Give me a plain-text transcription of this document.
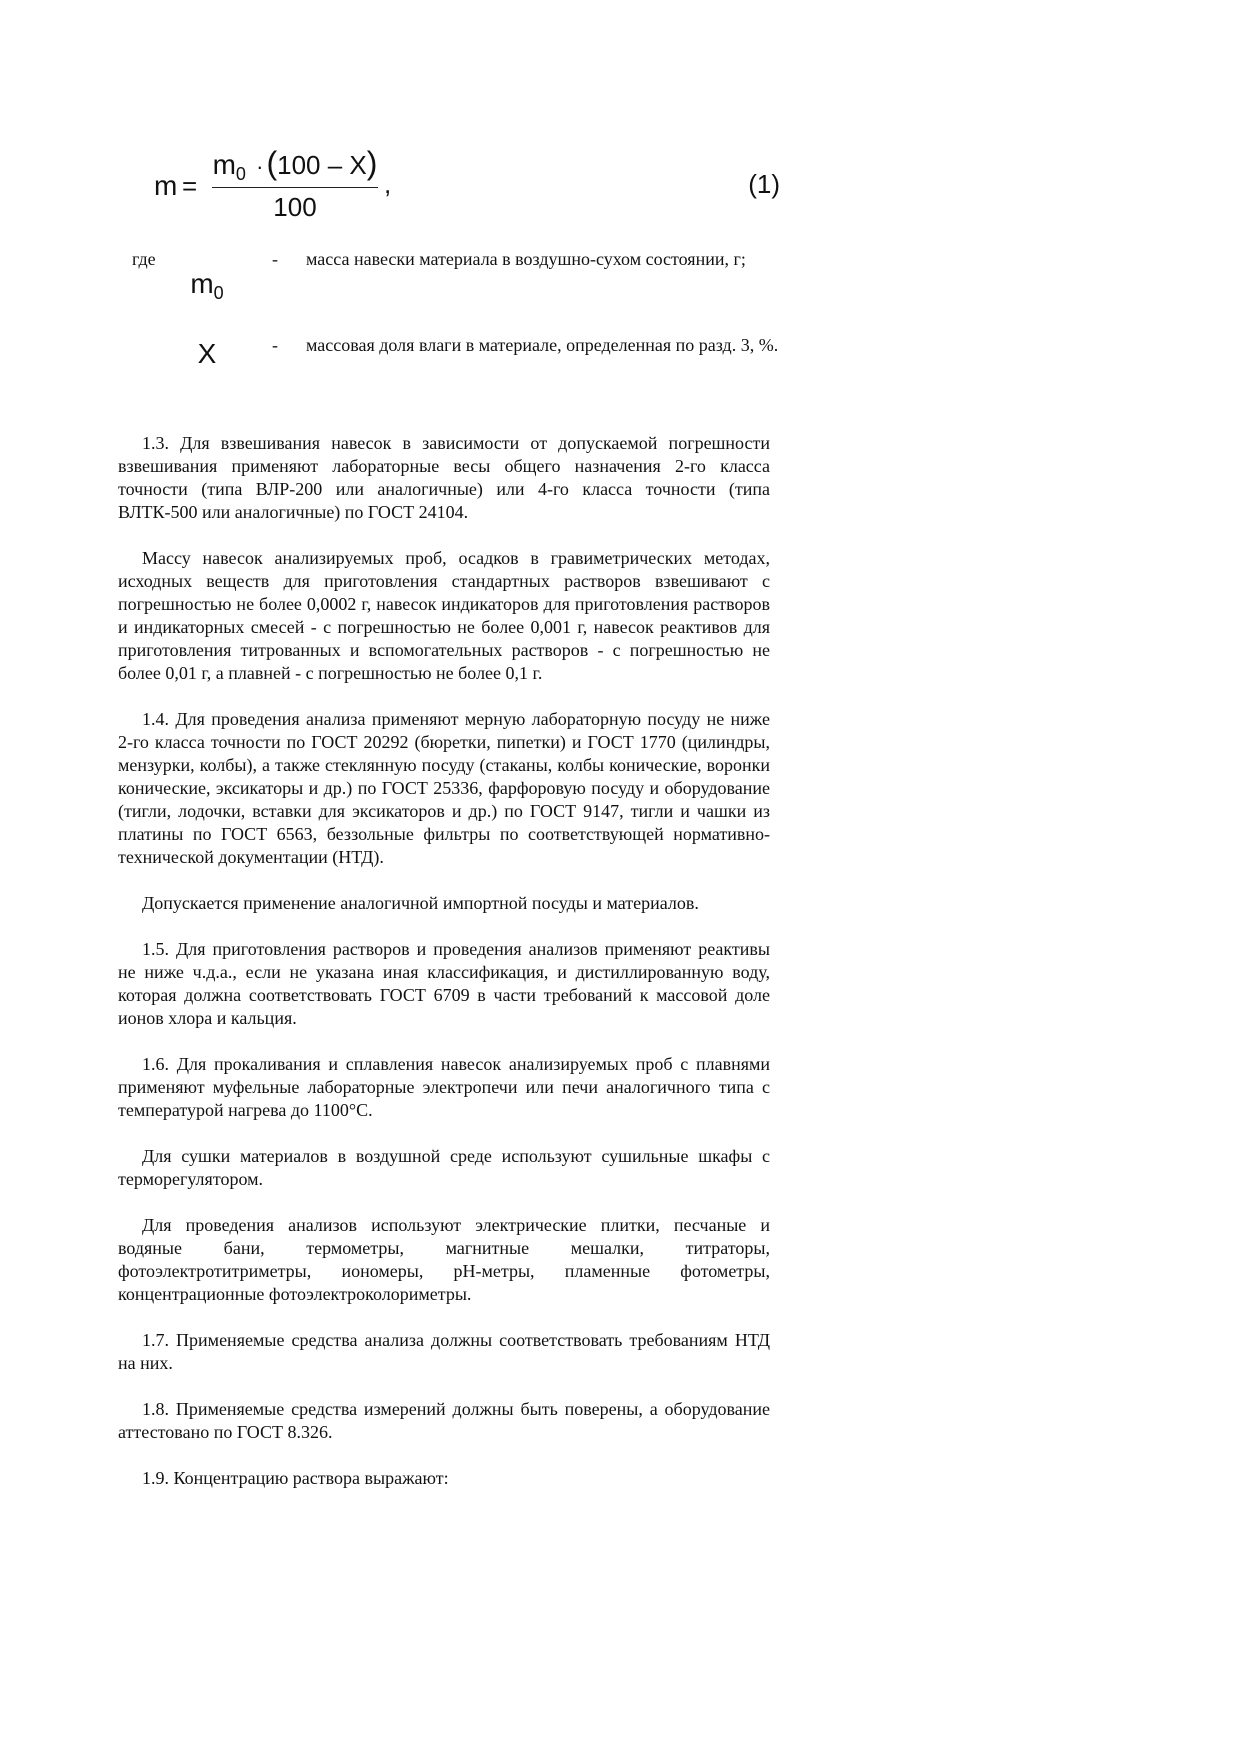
m =
$m_0 \cdot(100 - X)$
100
,	(1)
где
$m_0$
- масса навески материала в воздушно-сухом состоянии, г;
X	- массовая доля влаги в материале, определенная по разд. 3, %.

1.3. Для взвешивания навесок в зависимости от допускаемой погрешности взвешивания применяют лабораторные весы общего назначения 2-го класса точности (типа ВЛР-200 или аналогичные) или 4-го класса точности (типа ВЛТК-500 или аналогичные) по ГОСТ 24104.

Массу навесок анализируемых проб, осадков в гравиметрических методах, исходных веществ для приготовления стандартных растворов взвешивают с погрешностью не более 0,0002 г, навесок индикаторов для приготовления растворов и индикаторных смесей - с погрешностью не более 0,001 г, навесок реактивов для приготовления титрованных и вспомогательных растворов - с погрешностью не более 0,01 г, а плавней - с погрешностью не более 0,1 г.

1.4. Для проведения анализа применяют мерную лабораторную посуду не ниже 2-го класса точности по ГОСТ 20292 (бюретки, пипетки) и ГОСТ 1770 (цилиндры, мензурки, колбы), а также стеклянную посуду (стаканы, колбы конические, воронки конические, эксикаторы и др.) по ГОСТ 25336, фарфоровую посуду и оборудование (тигли, лодочки, вставки для эксикаторов и др.) по ГОСТ 9147, тигли и чашки из платины по ГОСТ 6563, беззольные фильтры по соответствующей нормативно-технической документации (НТД).

Допускается применение аналогичной импортной посуды и материалов.

1.5. Для приготовления растворов и проведения анализов применяют реактивы не ниже ч.д.а., если не указана иная классификация, и дистиллированную воду, которая должна соответствовать ГОСТ 6709 в части требований к массовой доле ионов хлора и кальция.

1.6. Для прокаливания и сплавления навесок анализируемых проб с плавнями применяют муфельные лабораторные электропечи или печи аналогичного типа с температурой нагрева до 1100°С.

Для сушки материалов в воздушной среде используют сушильные шкафы с терморегулятором.

Для проведения анализов используют электрические плитки, песчаные и водяные бани, термометры, магнитные мешалки, титраторы, фотоэлектротитриметры, иономеры, рН-метры, пламенные фотометры, концентрационные фотоэлектроколориметры.

1.7. Применяемые средства анализа должны соответствовать требованиям НТД на них.

1.8. Применяемые средства измерений должны быть поверены, а оборудование аттестовано по ГОСТ 8.326.

1.9. Концентрацию раствора выражают:
